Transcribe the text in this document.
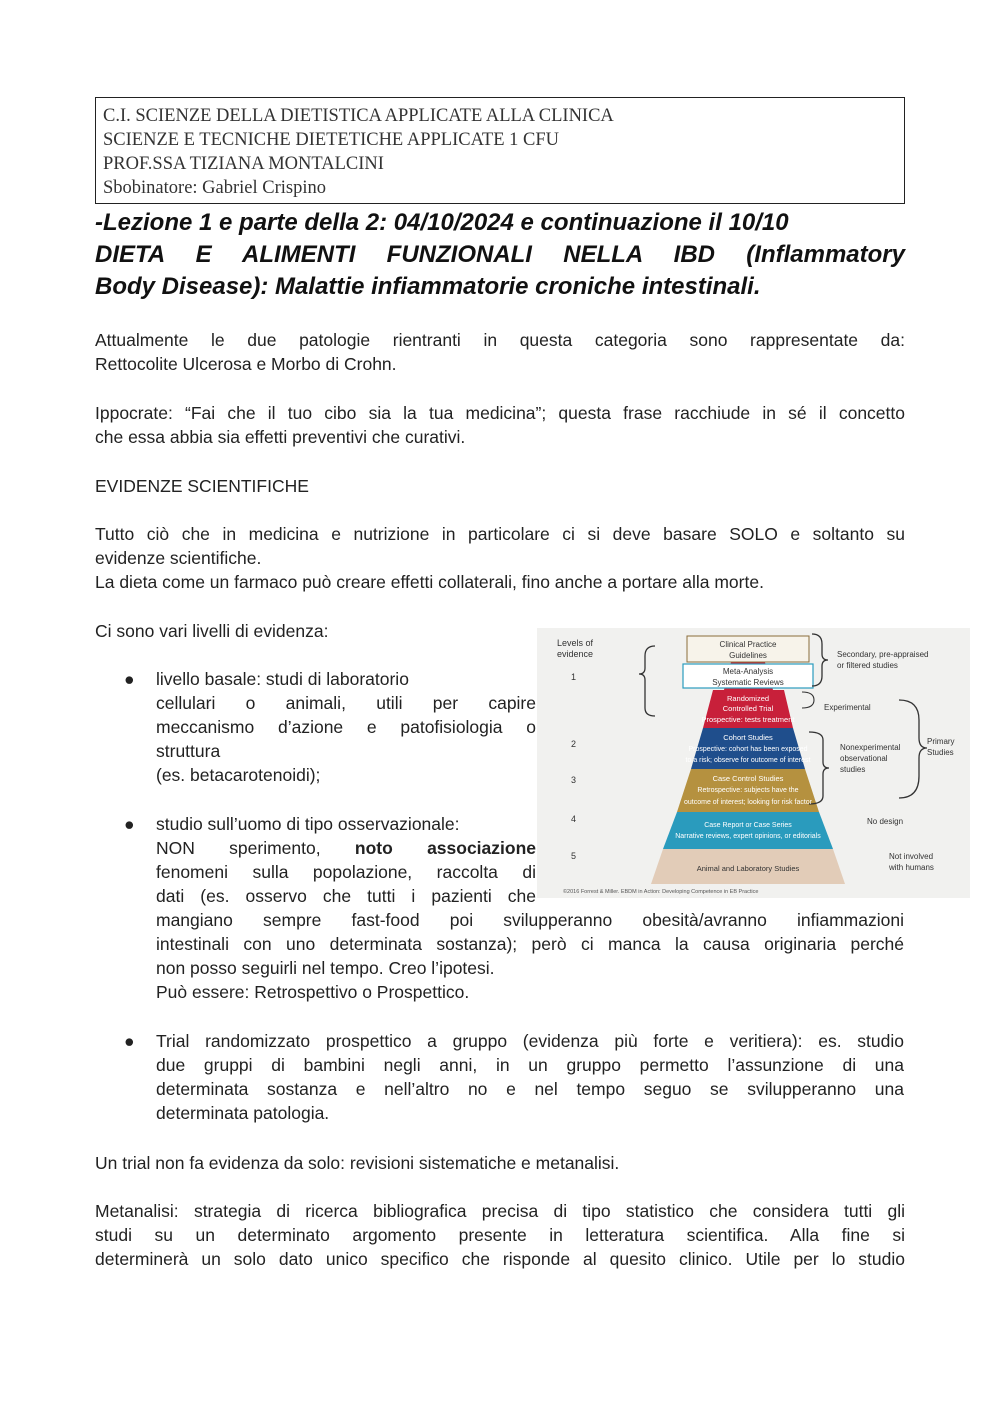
C.I. SCIENZE DELLA DIETISTICA APPLICATE ALLA CLINICA
SCIENZE E TECNICHE DIETETICHE APPLICATE 1 CFU
PROF.SSA TIZIANA MONTALCINI
Sbobinatore: Gabriel Crispino
-Lezione 1 e parte della 2: 04/10/2024 e continuazione il 10/10
DIETA E ALIMENTI FUNZIONALI NELLA IBD (Inflammatory
Body Disease): Malattie infiammatorie croniche intestinali.
Attualmente le due patologie rientranti in questa categoria sono rappresentate da:
Rettocolite Ulcerosa e Morbo di Crohn.
Ippocrate: “Fai che il tuo cibo sia la tua medicina”; questa frase racchiude in sé il concetto
che essa abbia sia effetti preventivi che curativi.
EVIDENZE SCIENTIFICHE
Tutto ciò che in medicina e nutrizione in particolare ci si deve basare SOLO e soltanto su
evidenze scientifiche.
La dieta come un farmaco può creare effetti collaterali, fino anche a portare alla morte.
Ci sono vari livelli di evidenza:
● livello basale: studi di laboratorio
cellulari o animali, utili per capire
meccanismo d’azione e patofisiologia o
struttura
(es. betacarotenoidi);
● studio sull’uomo di tipo osservazionale:
NON sperimento, noto associazione
fenomeni sulla popolazione, raccolta di
dati (es. osservo che tutti i pazienti che
mangiano sempre fast-food poi svilupperanno obesità/avranno infiammazioni
intestinali con uno determinata sostanza); però ci manca la causa originaria perché
non posso seguirli nel tempo. Creo l’ipotesi.
Può essere: Retrospettivo o Prospettico.
● Trial randomizzato prospettico a gruppo (evidenza più forte e veritiera): es. studio
due gruppi di bambini negli anni, in un gruppo permetto l’assunzione di una
determinata sostanza e nell’altro no e nel tempo seguo se svilupperanno una
determinata patologia.
Un trial non fa evidenza da solo: revisioni sistematiche e metanalisi.
Metanalisi: strategia di ricerca bibliografica precisa di tipo statistico che considera tutti gli
studi su un determinato argomento presente in letteratura scientifica. Alla fine si
determinerà un solo dato unico specifico che risponde al quesito clinico. Utile per lo studio
Levels of
evidence
1
2
3
4
5
Clinical Practice
Guidelines
Meta-Analysis
Systematic Reviews
Randomized
Controlled Trial
Prospective: tests treatment
Cohort Studies
Prospective: cohort has been exposed
to a risk; observe for outcome of interest
Case Control Studies
Retrospective: subjects have the
outcome of interest; looking for risk factor
Case Report or Case Series
Narrative reviews, expert opinions, or editorials
Animal and Laboratory Studies
Secondary, pre-appraised
or filtered studies
Experimental
Nonexperimental
observational
studies
Primary
Studies
No design
Not involved
with humans
©2016 Forrest & Miller. EBDM in Action: Developing Competence in EB Practice
